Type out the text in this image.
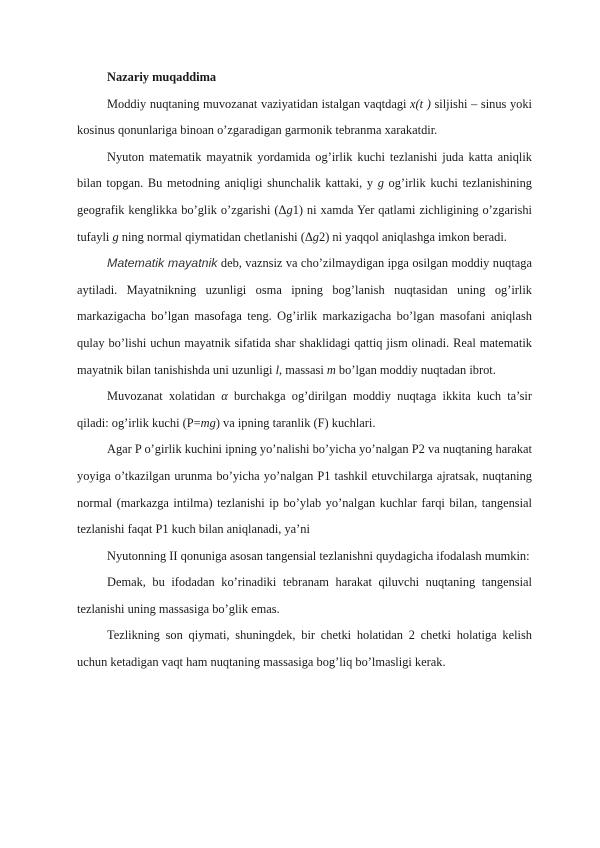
Nazariy muqaddima

Moddiy nuqtaning muvozanat vaziyatidan istalgan vaqtdagi x(t ) siljishi – sinus yoki kosinus qonunlariga binoan o’zgaradigan garmonik tebranma xarakatdir.

Nyuton matematik mayatnik yordamida og’irlik kuchi tezlanishi juda katta aniqlik bilan topgan. Bu metodning aniqligi shunchalik kattaki, y g og’irlik kuchi tezlanishining geografik kenglikka bo’glik o’zgarishi (Δg1) ni xamda Yer qatlami zichligining o’zgarishi tufayli g ning normal qiymatidan chetlanishi (Δg2) ni yaqqol aniqlashga imkon beradi.

Matematik mayatnik deb, vaznsiz va cho’zilmaydigan ipga osilgan moddiy nuqtaga aytiladi. Mayatnikning uzunligi osma ipning bog’lanish nuqtasidan uning og’irlik markazigacha bo’lgan masofaga teng. Og’irlik markazigacha bo’lgan masofani aniqlash qulay bo’lishi uchun mayatnik sifatida shar shaklidagi qattiq jism olinadi. Real matematik mayatnik bilan tanishishda uni uzunligi l, massasi m bo’lgan moddiy nuqtadan ibrot.

Muvozanat xolatidan α burchakga og’dirilgan moddiy nuqtaga ikkita kuch ta’sir qiladi: og’irlik kuchi (P=mg) va ipning taranlik (F) kuchlari.

Agar P o’girlik kuchini ipning yo’nalishi bo’yicha yo’nalgan P2 va nuqtaning harakat yoyiga o’tkazilgan urunma bo’yicha yo’nalgan P1 tashkil etuvchilarga ajratsak, nuqtaning normal (markazga intilma) tezlanishi ip bo’ylab yo’nalgan kuchlar farqi bilan, tangensial tezlanishi faqat P1 kuch bilan aniqlanadi, ya’ni

Nyutonning II qonuniga asosan tangensial tezlanishni quydagicha ifodalash mumkin:

Demak, bu ifodadan ko’rinadiki tebranam harakat qiluvchi nuqtaning tangensial tezlanishi uning massasiga bo’glik emas.

Tezlikning son qiymati, shuningdek, bir chetki holatidan 2 chetki holatiga kelish uchun ketadigan vaqt ham nuqtaning massasiga bog’liq bo’lmasligi kerak.
